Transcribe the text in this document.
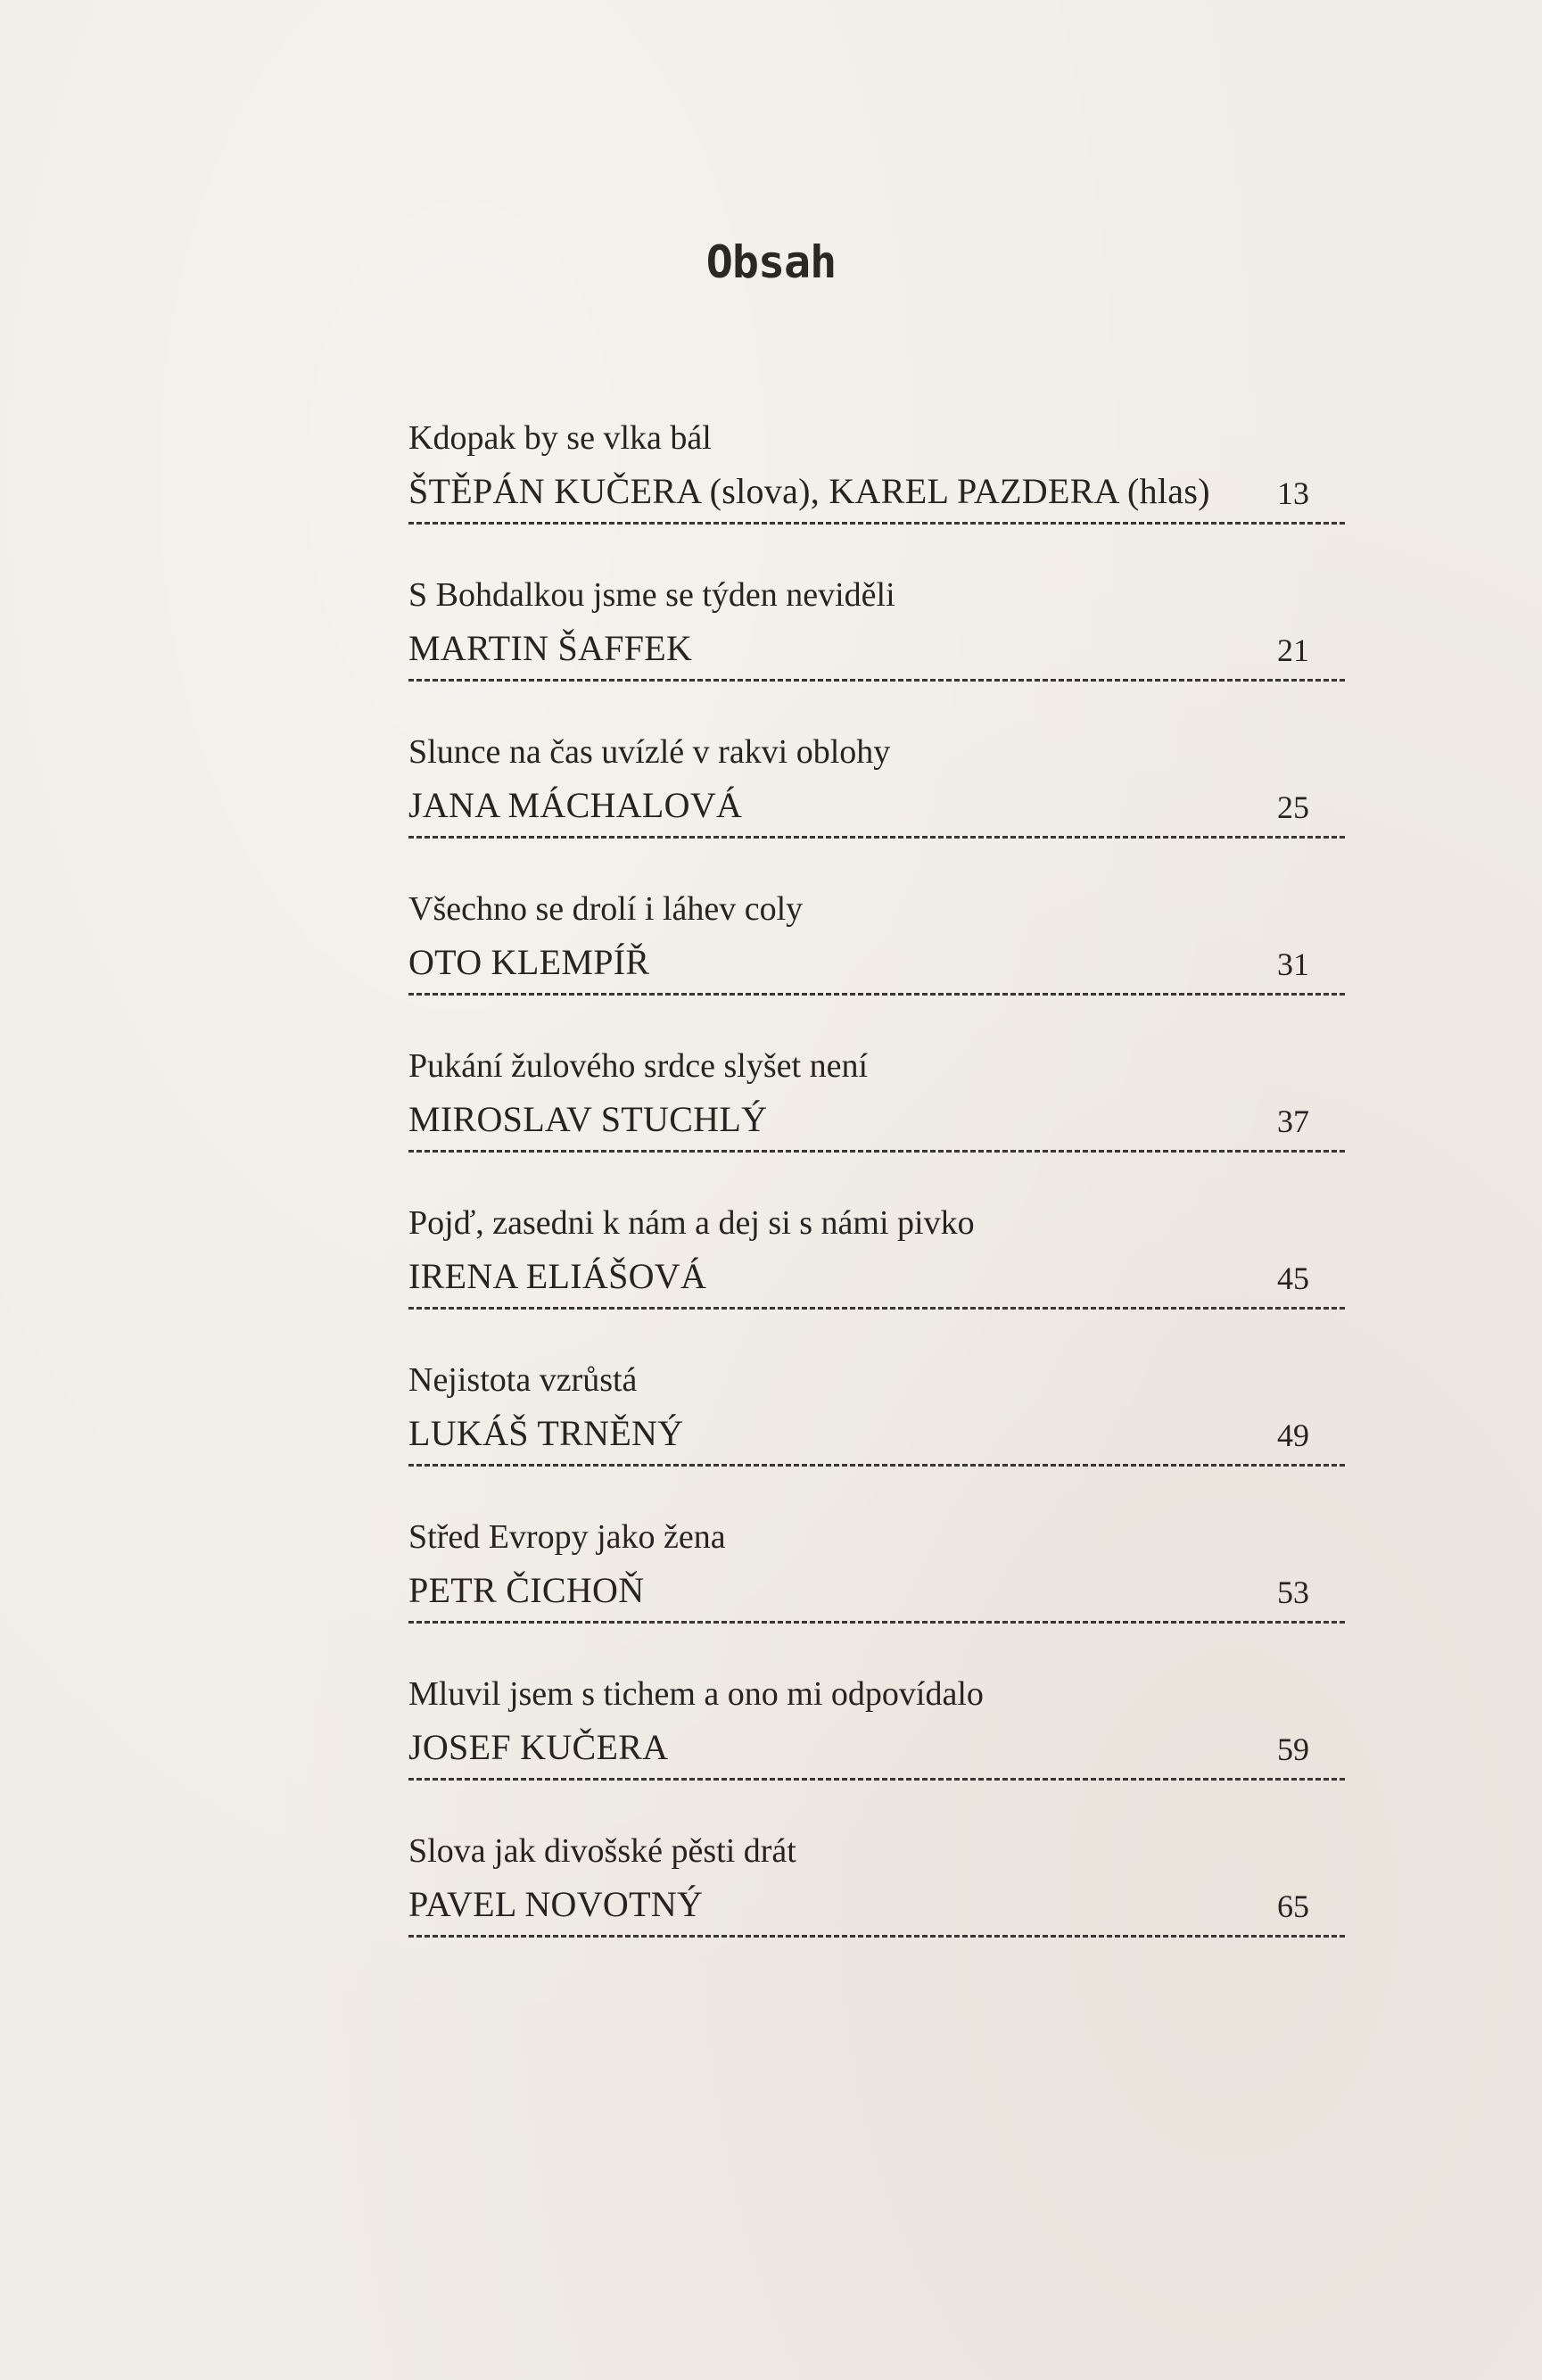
Obsah
Kdopak by se vlka bál
ŠTĚPÁN KUČERA (slova), KAREL PAZDERA (hlas) 13
S Bohdalkou jsme se týden neviděli
MARTIN ŠAFFEK	21
Slunce na čas uvízlé v rakvi oblohy
JANA MÁCHALOVÁ	25
Všechno se drolí i láhev coly
OTO KLEMPÍŘ	31
Pukání žulového srdce slyšet není
MIROSLAV STUCHLÝ	37
Pojď, zasedni k nám a dej si s námi pivko
IRENA ELIÁŠOVÁ	45
Nejistota vzrůstá
LUKÁŠ TRNĚNÝ	49
Střed Evropy jako žena
PETR ČICHOŇ	53
Mluvil jsem s tichem a ono mi odpovídalo
JOSEF KUČERA	59
Slova jak divošské pěsti drát
PAVEL NOVOTNÝ	65
